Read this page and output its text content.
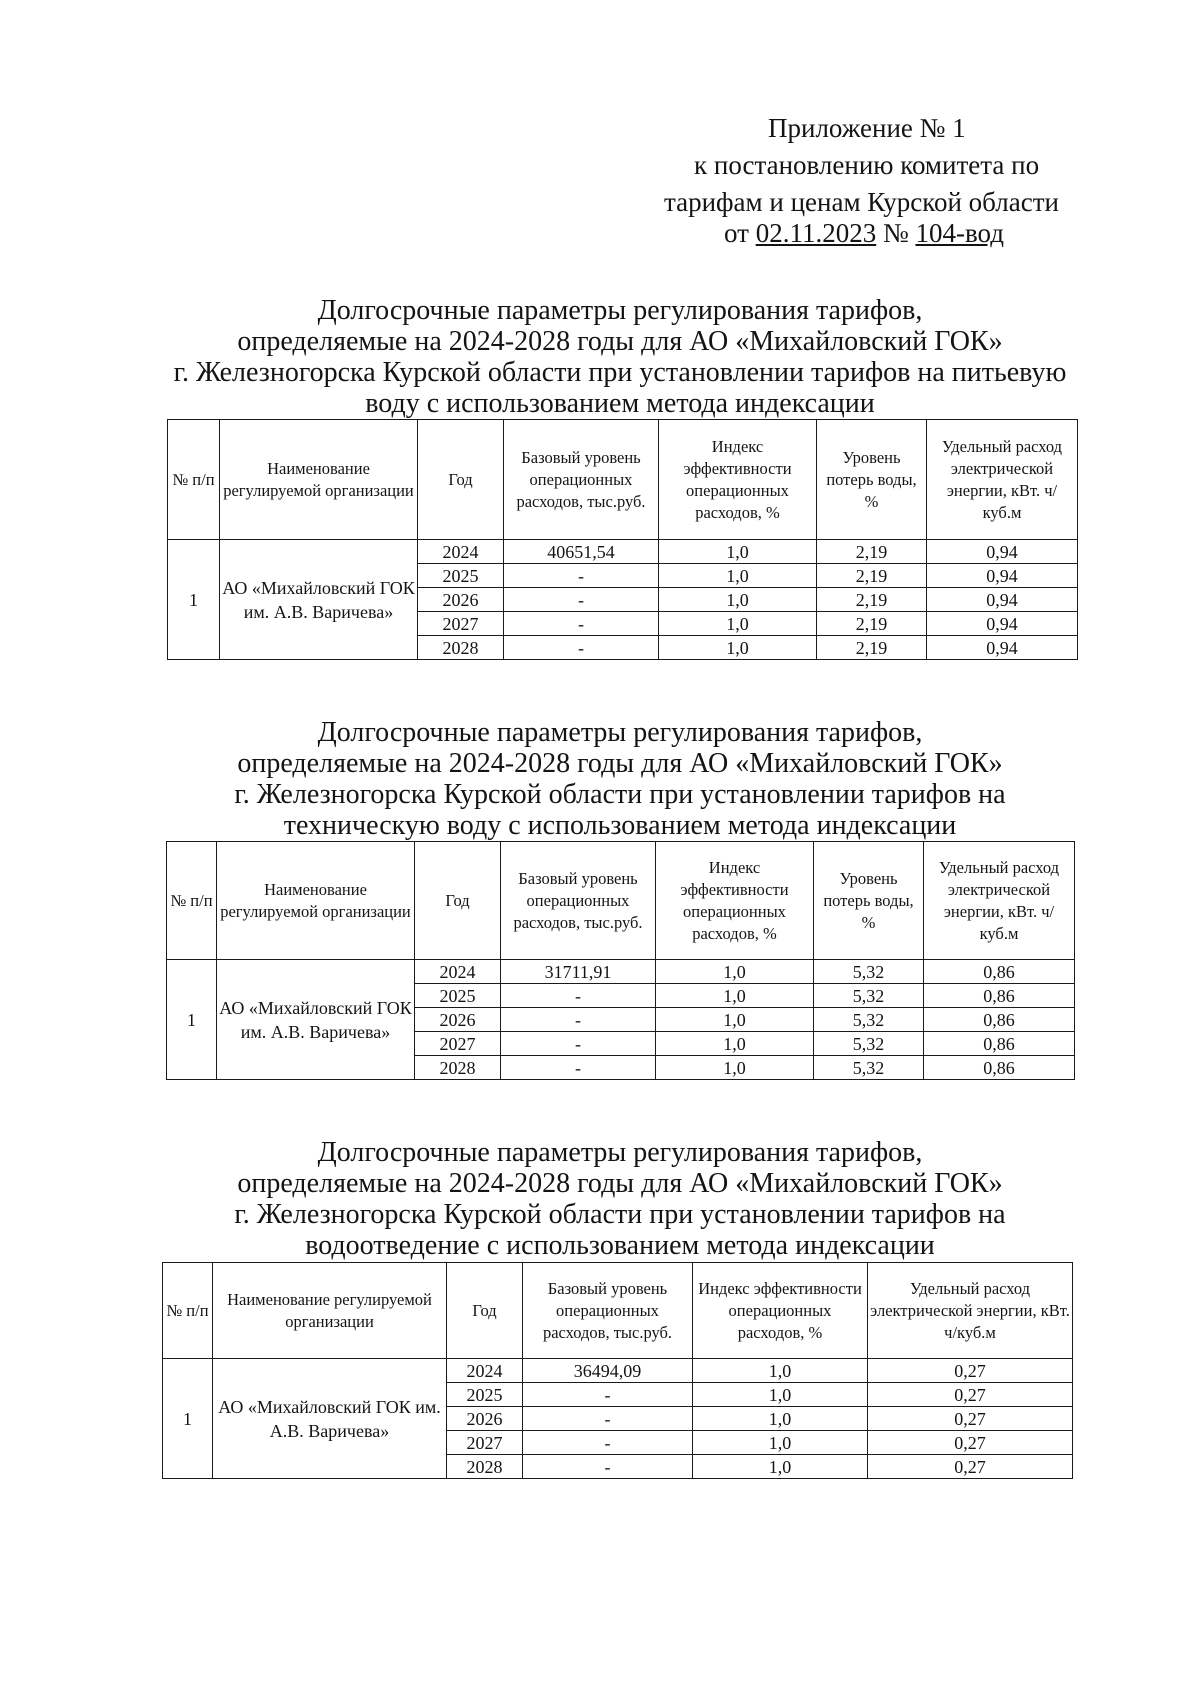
Приложение № 1
к постановлению комитета по
тарифам и ценам Курской области
от 02.11.2023 № 104-вод
Долгосрочные параметры регулирования тарифов,
определяемые на 2024-2028 годы для АО «Михайловский ГОК»
г. Железногорска Курской области при установлении тарифов на питьевую
воду с использованием метода индексации
№ п/п	Наименование регулируемой организации	Год	Базовый уровень операционных расходов, тыс.руб.	Индекс эффективности операционных расходов, %	Уровень потерь воды, %	Удельный расход электрической энергии, кВт. ч/куб.м
1	АО «Михайловский ГОК им. А.В. Варичева»	2024	40651,54	1,0	2,19	0,94
		2025	-	1,0	2,19	0,94
		2026	-	1,0	2,19	0,94
		2027	-	1,0	2,19	0,94
		2028	-	1,0	2,19	0,94
Долгосрочные параметры регулирования тарифов,
определяемые на 2024-2028 годы для АО «Михайловский ГОК»
г. Железногорска Курской области при установлении тарифов на
техническую воду с использованием метода индексации
№ п/п	Наименование регулируемой организации	Год	Базовый уровень операционных расходов, тыс.руб.	Индекс эффективности операционных расходов, %	Уровень потерь воды, %	Удельный расход электрической энергии, кВт. ч/куб.м
1	АО «Михайловский ГОК им. А.В. Варичева»	2024	31711,91	1,0	5,32	0,86
		2025	-	1,0	5,32	0,86
		2026	-	1,0	5,32	0,86
		2027	-	1,0	5,32	0,86
		2028	-	1,0	5,32	0,86
Долгосрочные параметры регулирования тарифов,
определяемые на 2024-2028 годы для АО «Михайловский ГОК»
г. Железногорска Курской области при установлении тарифов на
водоотведение с использованием метода индексации
№ п/п	Наименование регулируемой организации	Год	Базовый уровень операционных расходов, тыс.руб.	Индекс эффективности операционных расходов, %	Удельный расход электрической энергии, кВт. ч/куб.м
1	АО «Михайловский ГОК им. А.В. Варичева»	2024	36494,09	1,0	0,27
		2025	-	1,0	0,27
		2026	-	1,0	0,27
		2027	-	1,0	0,27
		2028	-	1,0	0,27
